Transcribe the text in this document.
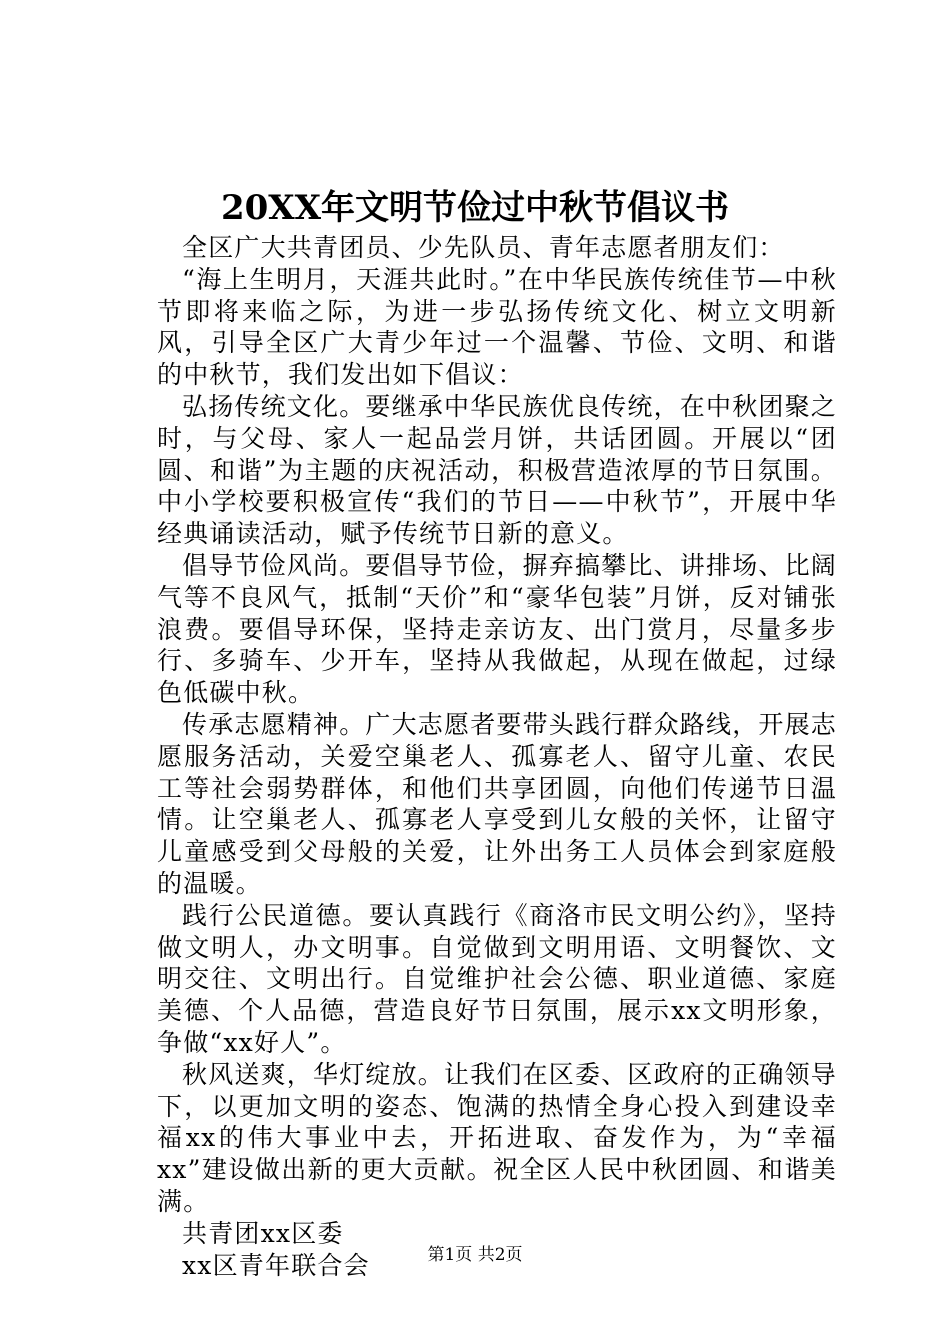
20XX年文明节俭过中秋节倡议书

全区广大共青团员、少先队员、青年志愿者朋友们：

“海上生明月，天涯共此时。”在中华民族传统佳节—中秋节即将来临之际，为进一步弘扬传统文化、树立文明新风，引导全区广大青少年过一个温馨、节俭、文明、和谐的中秋节，我们发出如下倡议：

弘扬传统文化。要继承中华民族优良传统，在中秋团聚之时，与父母、家人一起品尝月饼，共话团圆。开展以“团圆、和谐”为主题的庆祝活动，积极营造浓厚的节日氛围。中小学校要积极宣传“我们的节日——中秋节”，开展中华经典诵读活动，赋予传统节日新的意义。

倡导节俭风尚。要倡导节俭，摒弃搞攀比、讲排场、比阔气等不良风气，抵制“天价”和“豪华包装”月饼，反对铺张浪费。要倡导环保，坚持走亲访友、出门赏月，尽量多步行、多骑车、少开车，坚持从我做起，从现在做起，过绿色低碳中秋。

传承志愿精神。广大志愿者要带头践行群众路线，开展志愿服务活动，关爱空巢老人、孤寡老人、留守儿童、农民工等社会弱势群体，和他们共享团圆，向他们传递节日温情。让空巢老人、孤寡老人享受到儿女般的关怀，让留守儿童感受到父母般的关爱，让外出务工人员体会到家庭般的温暖。

践行公民道德。要认真践行《商洛市民文明公约》，坚持做文明人，办文明事。自觉做到文明用语、文明餐饮、文明交往、文明出行。自觉维护社会公德、职业道德、家庭美德、个人品德，营造良好节日氛围，展示xx文明形象，争做“xx好人”。

秋风送爽，华灯绽放。让我们在区委、区政府的正确领导下，以更加文明的姿态、饱满的热情全身心投入到建设幸福xx的伟大事业中去，开拓进取、奋发作为，为“幸福xx”建设做出新的更大贡献。祝全区人民中秋团圆、和谐美满。

共青团xx区委

xx区青年联合会	第1页 共2页
